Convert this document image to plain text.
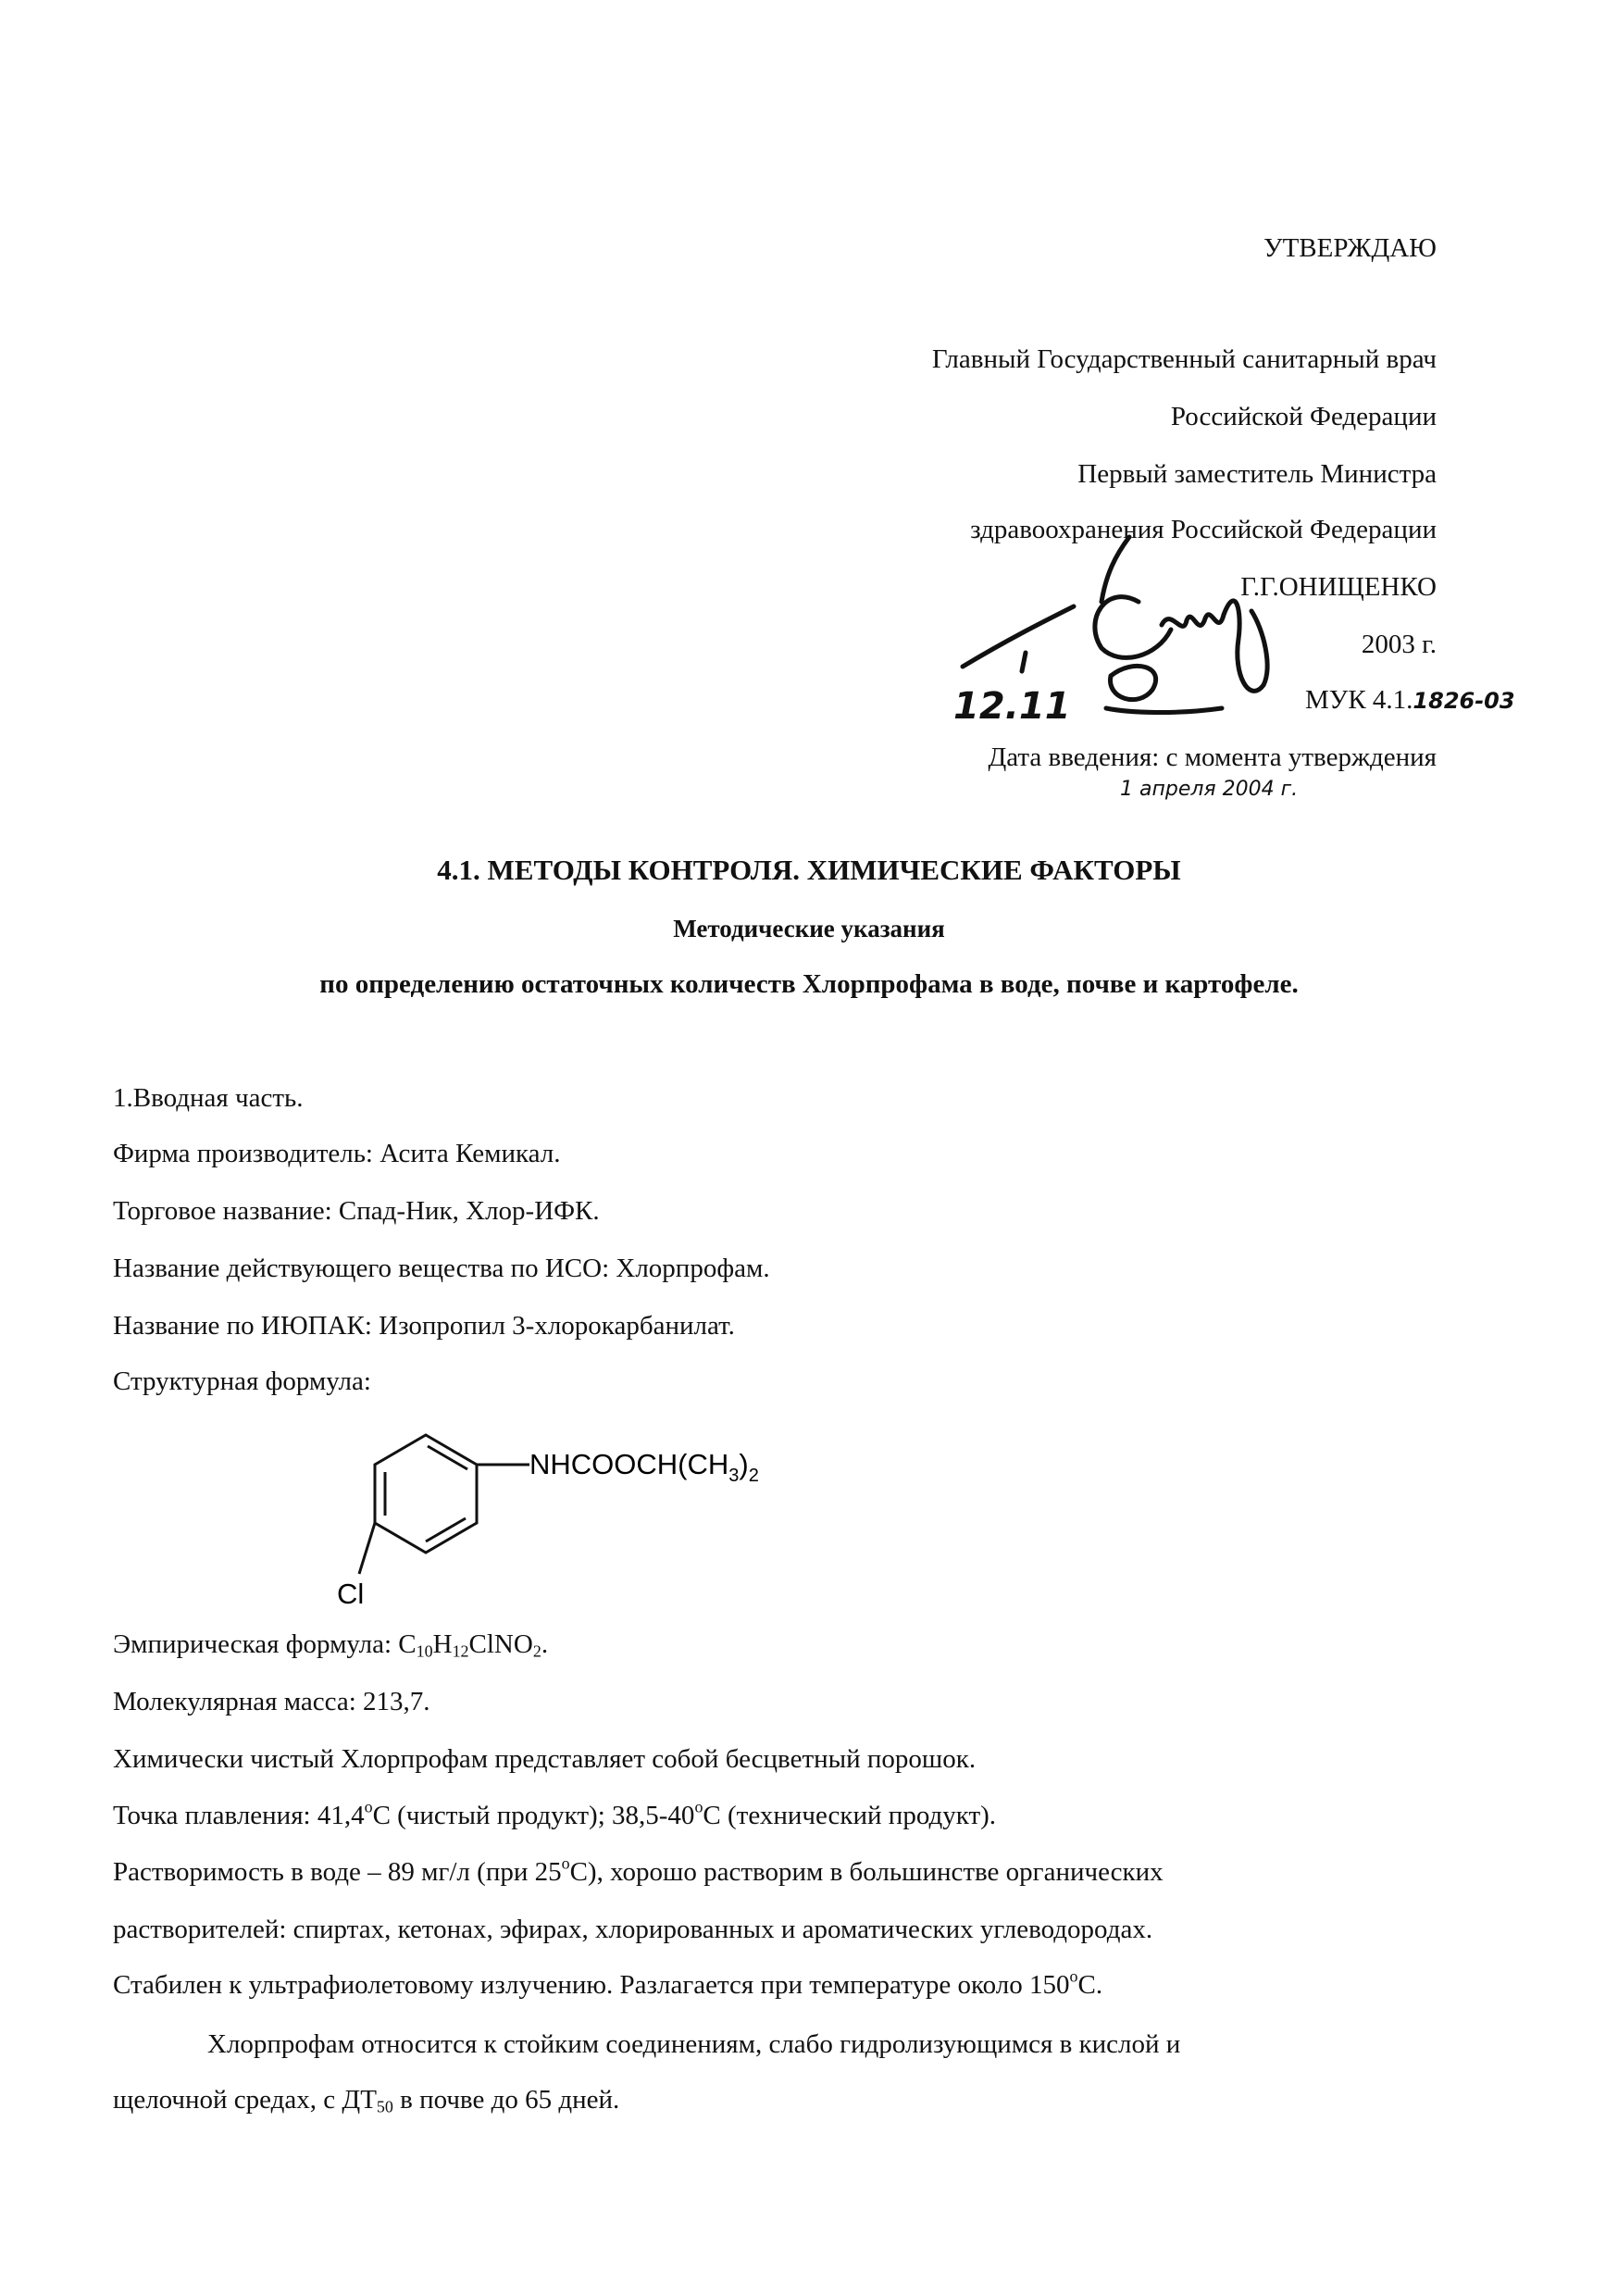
УТВЕРЖДАЮ
Главный Государственный санитарный врач
Российской Федерации
Первый заместитель Министра
здравоохранения Российской Федерации
Г.Г.ОНИЩЕНКО
2003 г.
МУК 4.1.1826-03
Дата введения: с момента утверждения
12.11
1 апреля 2004 г.
4.1. МЕТОДЫ КОНТРОЛЯ. ХИМИЧЕСКИЕ ФАКТОРЫ
Методические указания
по определению остаточных количеств Хлорпрофама в воде, почве и картофеле.
1.Вводная часть.
Фирма производитель: Асита Кемикал.
Торговое название: Спад-Ник, Хлор-ИФК.
Название действующего вещества по ИСО: Хлорпрофам.
Название по ИЮПАК: Изопропил 3-хлорокарбанилат.
Структурная формула:
$NHCOOCH(CH_3)_2$
Cl
Эмпирическая формула: $C_{10}H_{12}ClNO_2$.
Молекулярная масса: 213,7.
Химически чистый Хлорпрофам представляет собой бесцветный порошок.
Точка плавления: $41,4^оС$ (чистый продукт); $38,5-40^оС$ (технический продукт).
Растворимость в воде – 89 мг/л (при $25^оС$), хорошо растворим в большинстве органических
растворителей: спиртах, кетонах, эфирах, хлорированных и ароматических углеводородах.
Стабилен к ультрафиолетовому излучению. Разлагается при температуре около $150^оС$.
Хлорпрофам относится к стойким соединениям, слабо гидролизующимся в кислой и
щелочной средах, с $ДТ_{50}$ в почве до 65 дней.
